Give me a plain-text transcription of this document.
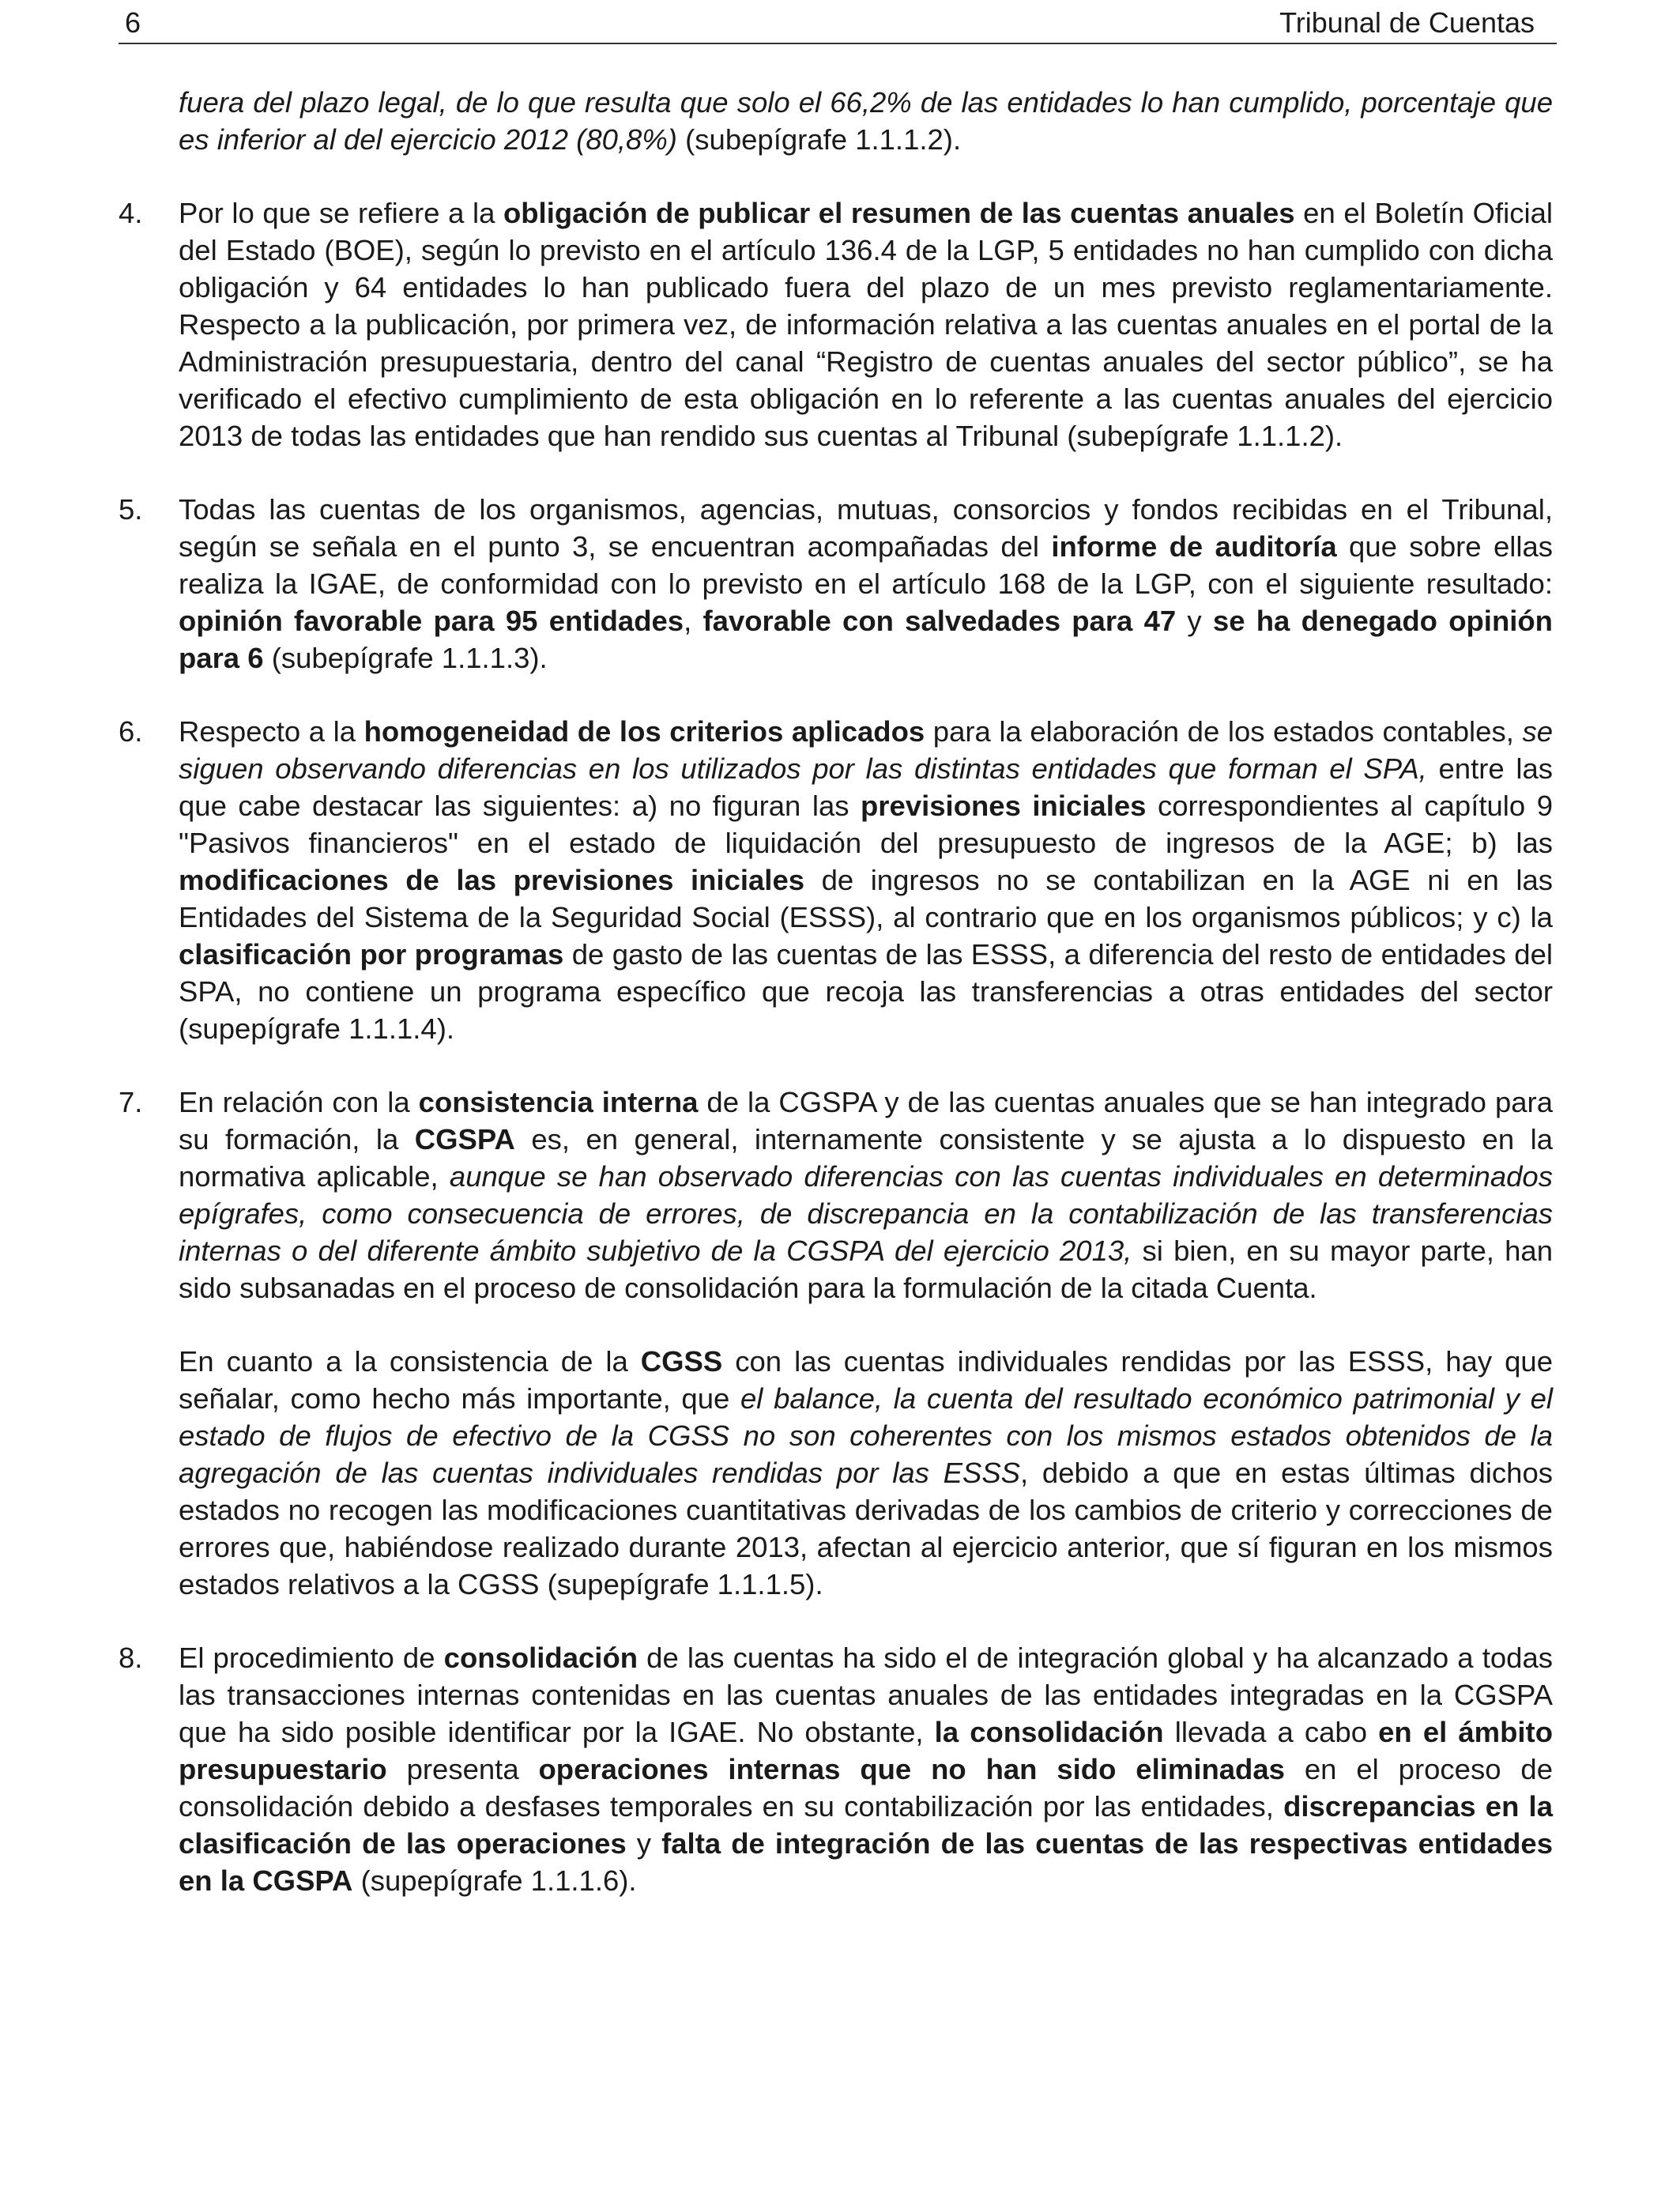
6	Tribunal de Cuentas

fuera del plazo legal, de lo que resulta que solo el 66,2% de las entidades lo han cumplido, porcentaje que es inferior al del ejercicio 2012 (80,8%) (subepígrafe 1.1.1.2).

4.	Por lo que se refiere a la obligación de publicar el resumen de las cuentas anuales en el Boletín Oficial del Estado (BOE), según lo previsto en el artículo 136.4 de la LGP, 5 entidades no han cumplido con dicha obligación y 64 entidades lo han publicado fuera del plazo de un mes previsto reglamentariamente. Respecto a la publicación, por primera vez, de información relativa a las cuentas anuales en el portal de la Administración presupuestaria, dentro del canal “Registro de cuentas anuales del sector público”, se ha verificado el efectivo cumplimiento de esta obligación en lo referente a las cuentas anuales del ejercicio 2013 de todas las entidades que han rendido sus cuentas al Tribunal (subepígrafe 1.1.1.2).

5.	Todas las cuentas de los organismos, agencias, mutuas, consorcios y fondos recibidas en el Tribunal, según se señala en el punto 3, se encuentran acompañadas del informe de auditoría que sobre ellas realiza la IGAE, de conformidad con lo previsto en el artículo 168 de la LGP, con el siguiente resultado: opinión favorable para 95 entidades, favorable con salvedades para 47 y se ha denegado opinión para 6 (subepígrafe 1.1.1.3).

6.	Respecto a la homogeneidad de los criterios aplicados para la elaboración de los estados contables, se siguen observando diferencias en los utilizados por las distintas entidades que forman el SPA, entre las que cabe destacar las siguientes: a) no figuran las previsiones iniciales correspondientes al capítulo 9 "Pasivos financieros" en el estado de liquidación del presupuesto de ingresos de la AGE; b) las modificaciones de las previsiones iniciales de ingresos no se contabilizan en la AGE ni en las Entidades del Sistema de la Seguridad Social (ESSS), al contrario que en los organismos públicos; y c) la clasificación por programas de gasto de las cuentas de las ESSS, a diferencia del resto de entidades del SPA, no contiene un programa específico que recoja las transferencias a otras entidades del sector (supepígrafe 1.1.1.4).

7.	En relación con la consistencia interna de la CGSPA y de las cuentas anuales que se han integrado para su formación, la CGSPA es, en general, internamente consistente y se ajusta a lo dispuesto en la normativa aplicable, aunque se han observado diferencias con las cuentas individuales en determinados epígrafes, como consecuencia de errores, de discrepancia en la contabilización de las transferencias internas o del diferente ámbito subjetivo de la CGSPA del ejercicio 2013, si bien, en su mayor parte, han sido subsanadas en el proceso de consolidación para la formulación de la citada Cuenta.

En cuanto a la consistencia de la CGSS con las cuentas individuales rendidas por las ESSS, hay que señalar, como hecho más importante, que el balance, la cuenta del resultado económico patrimonial y el estado de flujos de efectivo de la CGSS no son coherentes con los mismos estados obtenidos de la agregación de las cuentas individuales rendidas por las ESSS, debido a que en estas últimas dichos estados no recogen las modificaciones cuantitativas derivadas de los cambios de criterio y correcciones de errores que, habiéndose realizado durante 2013, afectan al ejercicio anterior, que sí figuran en los mismos estados relativos a la CGSS (supepígrafe 1.1.1.5).

8.	El procedimiento de consolidación de las cuentas ha sido el de integración global y ha alcanzado a todas las transacciones internas contenidas en las cuentas anuales de las entidades integradas en la CGSPA que ha sido posible identificar por la IGAE. No obstante, la consolidación llevada a cabo en el ámbito presupuestario presenta operaciones internas que no han sido eliminadas en el proceso de consolidación debido a desfases temporales en su contabilización por las entidades, discrepancias en la clasificación de las operaciones y falta de integración de las cuentas de las respectivas entidades en la CGSPA (supepígrafe 1.1.1.6).
